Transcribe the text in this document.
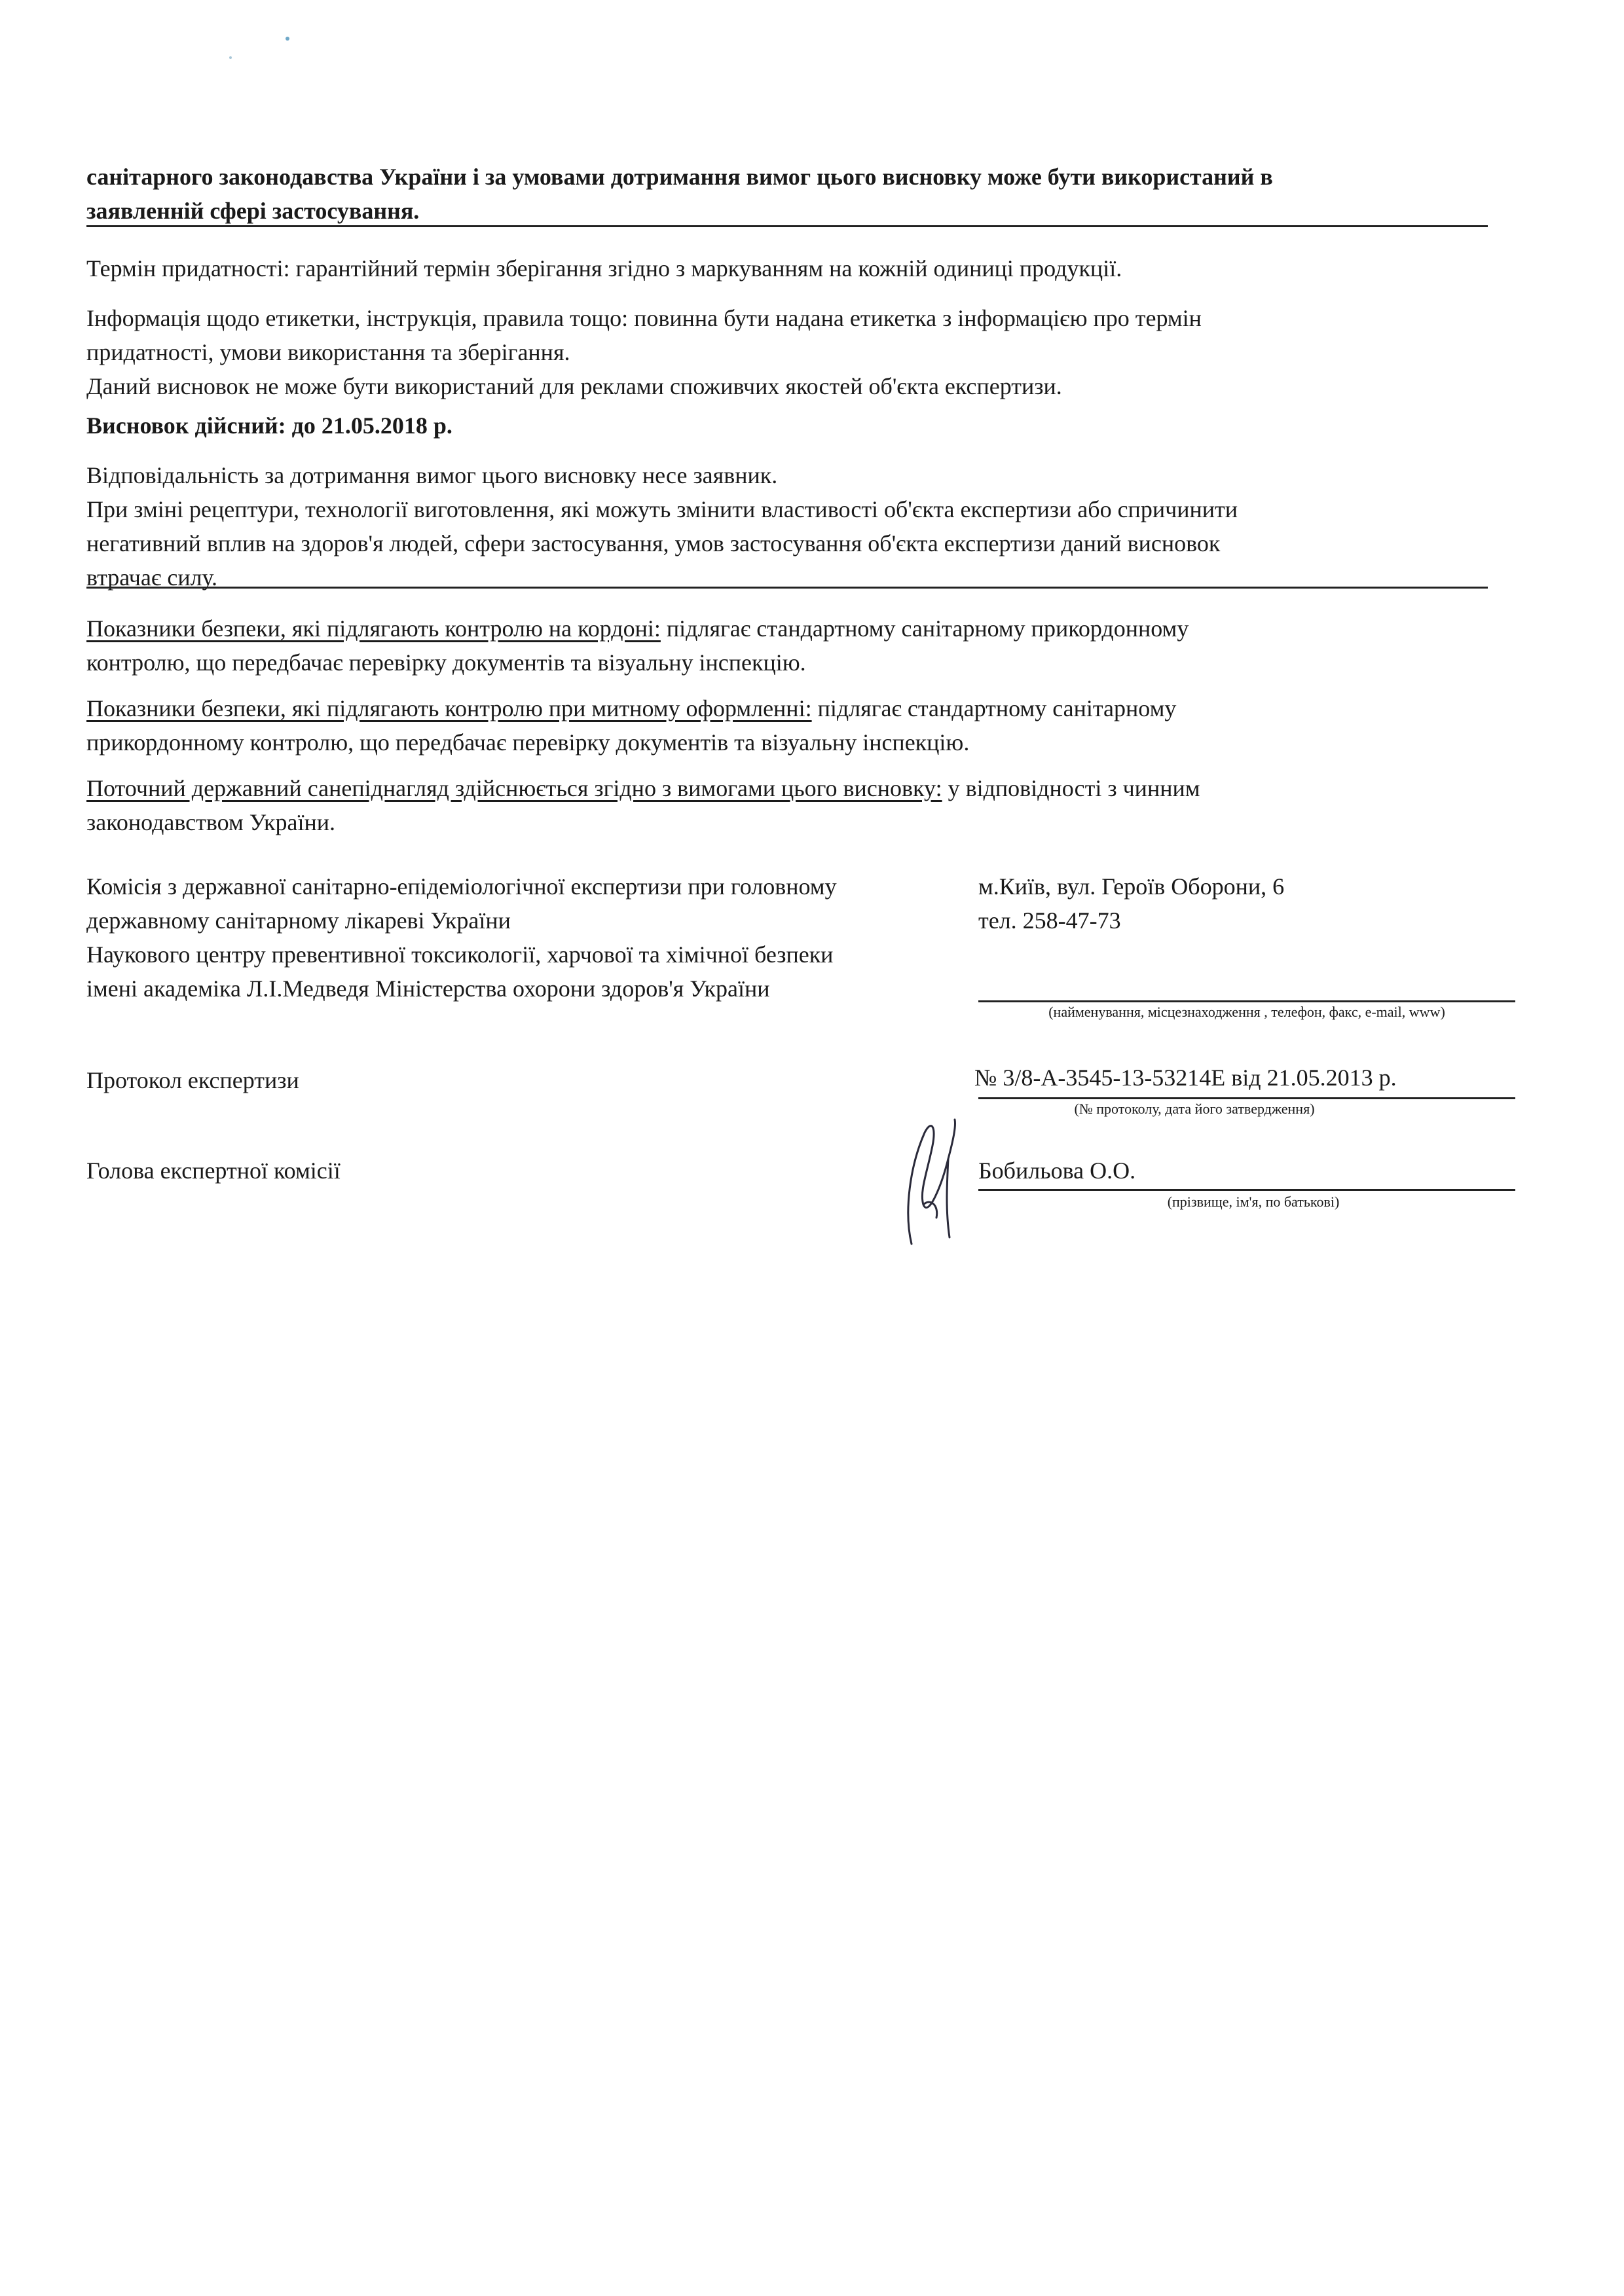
санітарного законодавства України і за умовами дотримання вимог цього висновку може бути використаний в
заявленній сфері застосування.
Термін придатності: гарантійний термін зберігання згідно з маркуванням на кожній одиниці продукції.
Інформація щодо етикетки, інструкція, правила тощо: повинна бути надана етикетка з інформацією про термін
придатності, умови використання та зберігання.
Даний висновок не може бути використаний для реклами споживчих якостей об'єкта експертизи.
Висновок дійсний: до 21.05.2018 р.
Відповідальність за дотримання вимог цього висновку несе заявник.
При зміні рецептури, технології виготовлення, які можуть змінити властивості об'єкта експертизи або спричинити
негативний вплив на здоров'я людей, сфери застосування, умов застосування об'єкта експертизи даний висновок
втрачає силу.
Показники безпеки, які підлягають контролю на кордоні: підлягає стандартному санітарному прикордонному
контролю, що передбачає перевірку документів та візуальну інспекцію.
Показники безпеки, які підлягають контролю при митному оформленні: підлягає стандартному санітарному
прикордонному контролю, що передбачає перевірку документів та візуальну інспекцію.
Поточний державний санепіднагляд здійснюється згідно з вимогами цього висновку: у відповідності з чинним
законодавством України.
Комісія з державної санітарно-епідеміологічної експертизи при головному
державному санітарному лікареві України
Наукового центру превентивної токсикології, харчової та хімічної безпеки
імені академіка Л.І.Медведя Міністерства охорони здоров'я України
м.Київ, вул. Героїв Оборони, 6
тел. 258-47-73
(найменування, місцезнаходження , телефон, факс, e-mail, www)
Протокол експертизи	№ 3/8-А-3545-13-53214Е від 21.05.2013 р.
(№ протоколу, дата його затвердження)
Голова експертної комісії	Бобильова О.О.
(прізвище, ім'я, по батькові)
